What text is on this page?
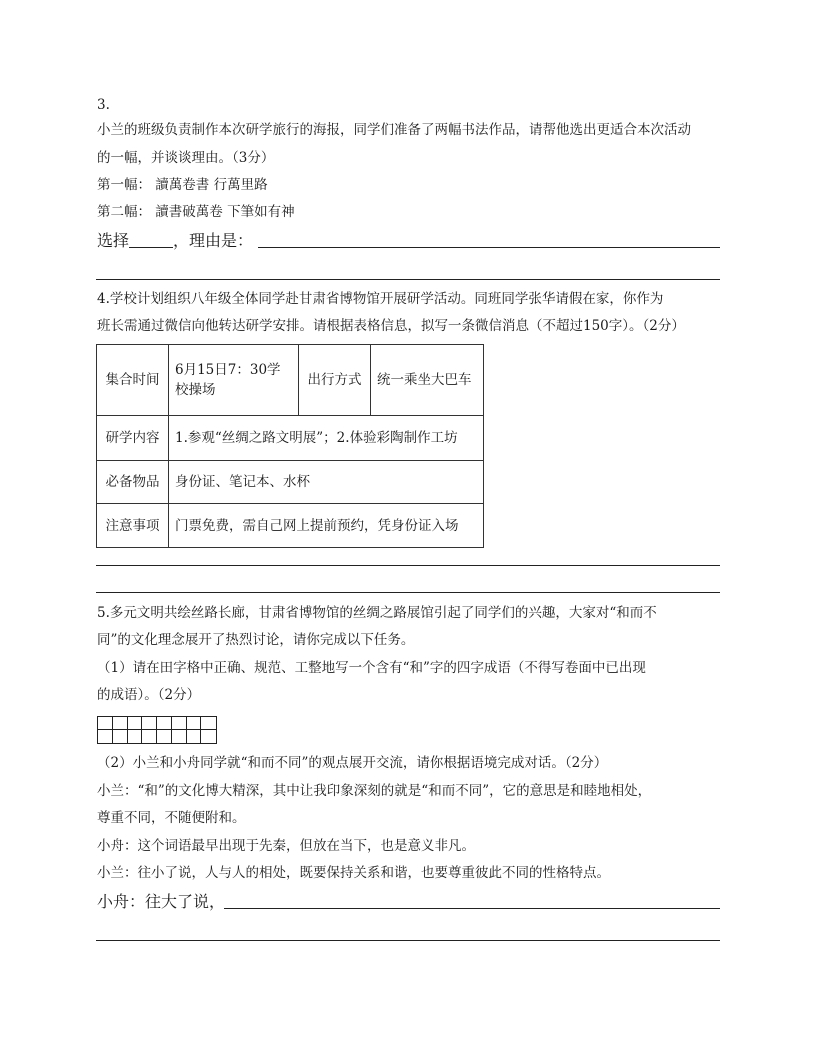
3.
小兰的班级负责制作本次研学旅行的海报，同学们准备了两幅书法作品，请帮他选出更适合本次活动
的一幅，并谈谈理由。（3分）
第一幅： 讀萬卷書 行萬里路
第二幅： 讀書破萬卷 下筆如有神
选择	，理由是：
4.学校计划组织八年级全体同学赴甘肃省博物馆开展研学活动。同班同学张华请假在家，你作为
班长需通过微信向他转达研学安排。请根据表格信息，拟写一条微信消息（不超过150字）。（2分）
集合时间	6月15日7：30学校操场	出行方式	统一乘坐大巴车
研学内容	1.参观“丝绸之路文明展”；2.体验彩陶制作工坊		
必备物品	身份证、笔记本、水杯		
注意事项	门票免费，需自己网上提前预约，凭身份证入场		
5.多元文明共绘丝路长廊，甘肃省博物馆的丝绸之路展馆引起了同学们的兴趣，大家对“和而不
同”的文化理念展开了热烈讨论，请你完成以下任务。
（1）请在田字格中正确、规范、工整地写一个含有“和”字的四字成语（不得写卷面中已出现
的成语）。（2分）
（2）小兰和小舟同学就“和而不同”的观点展开交流，请你根据语境完成对话。（2分）
小兰：“和”的文化博大精深，其中让我印象深刻的就是“和而不同”，它的意思是和睦地相处，
尊重不同，不随便附和。
小舟：这个词语最早出现于先秦，但放在当下，也是意义非凡。
小兰：往小了说，人与人的相处，既要保持关系和谐，也要尊重彼此不同的性格特点。
小舟：往大了说，
